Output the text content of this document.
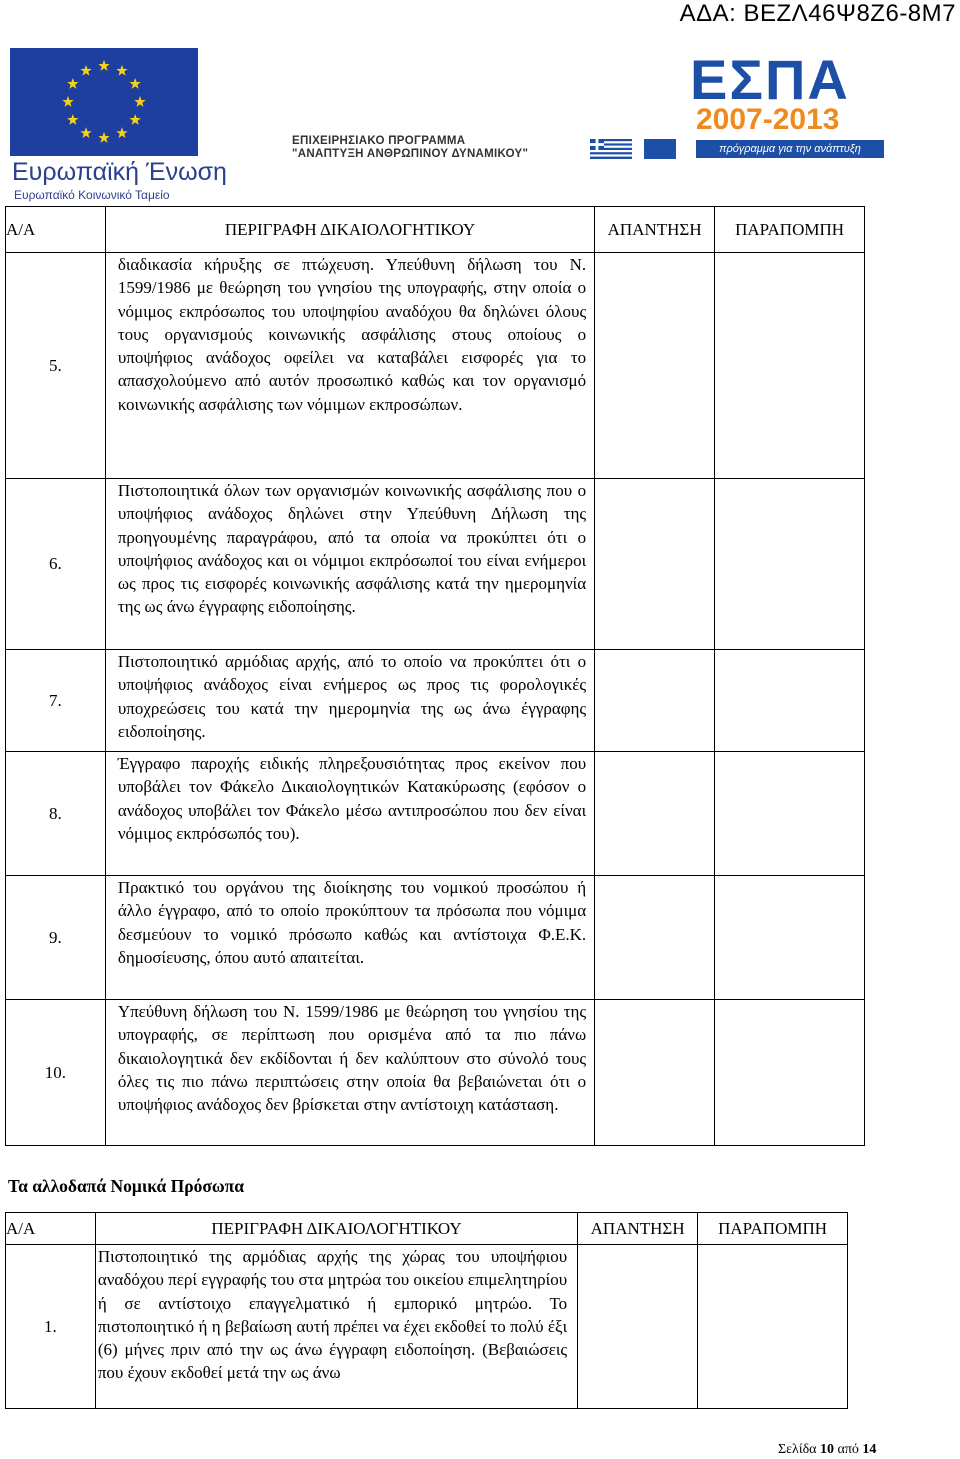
ΑΔΑ: ΒΕΖΛ46Ψ8Ζ6-8Μ7
Ευρωπαϊκή Ένωση
Ευρωπαϊκό Κοινωνικό Ταμείο
ΕΠΙΧΕΙΡΗΣΙΑΚΟ ΠΡΟΓΡΑΜΜΑ
"ΑΝΑΠΤΥΞΗ ΑΝΘΡΩΠΙΝΟΥ ΔΥΝΑΜΙΚΟΥ"
ΕΣΠΑ
2007-2013
πρόγραμμα για την ανάπτυξη
Α/Α	ΠΕΡΙΓΡΑΦΗ ΔΙΚΑΙΟΛΟΓΗΤΙΚΟΥ	ΑΠΑΝΤΗΣΗ	ΠΑΡΑΠΟΜΠΗ
5.	διαδικασία κήρυξης σε πτώχευση. Υπεύθυνη δήλωση του Ν. 1599/1986 με θεώρηση του γνησίου της υπογραφής, στην οποία ο νόμιμος εκπρόσωπος του υποψηφίου αναδόχου θα δηλώνει όλους τους οργανισμούς κοινωνικής ασφάλισης στους οποίους ο υποψήφιος ανάδοχος οφείλει να καταβάλει εισφορές για το απασχολούμενο από αυτόν προσωπικό καθώς και τον οργανισμό κοινωνικής ασφάλισης των νόμιμων εκπροσώπων.		
6.	Πιστοποιητικά όλων των οργανισμών κοινωνικής ασφάλισης που ο υποψήφιος ανάδοχος δηλώνει στην Υπεύθυνη Δήλωση της προηγουμένης παραγράφου, από τα οποία να προκύπτει ότι ο υποψήφιος ανάδοχος και οι νόμιμοι εκπρόσωποί του είναι ενήμεροι ως προς τις εισφορές κοινωνικής ασφάλισης κατά την ημερομηνία της ως άνω έγγραφης ειδοποίησης.		
7.	Πιστοποιητικό αρμόδιας αρχής, από το οποίο να προκύπτει ότι ο υποψήφιος ανάδοχος είναι ενήμερος ως προς τις φορολογικές υποχρεώσεις του κατά την ημερομηνία της ως άνω έγγραφης ειδοποίησης.		
8.	Έγγραφο παροχής ειδικής πληρεξουσιότητας προς εκείνον που υποβάλει τον Φάκελο Δικαιολογητικών Κατακύρωσης (εφόσον ο ανάδοχος υποβάλει τον Φάκελο μέσω αντιπροσώπου που δεν είναι νόμιμος εκπρόσωπός του).		
9.	Πρακτικό του οργάνου της διοίκησης του νομικού προσώπου ή άλλο έγγραφο, από το οποίο προκύπτουν τα πρόσωπα που νόμιμα δεσμεύουν το νομικό πρόσωπο καθώς και αντίστοιχα Φ.Ε.Κ. δημοσίευσης, όπου αυτό απαιτείται.		
10.	Υπεύθυνη δήλωση του Ν. 1599/1986 με θεώρηση του γνησίου της υπογραφής, σε περίπτωση που ορισμένα από τα πιο πάνω δικαιολογητικά δεν εκδίδονται ή δεν καλύπτουν στο σύνολό τους όλες τις πιο πάνω περιπτώσεις στην οποία θα βεβαιώνεται ότι ο υποψήφιος ανάδοχος δεν βρίσκεται στην αντίστοιχη κατάσταση.		
Τα αλλοδαπά Νομικά Πρόσωπα
Α/Α	ΠΕΡΙΓΡΑΦΗ ΔΙΚΑΙΟΛΟΓΗΤΙΚΟΥ	ΑΠΑΝΤΗΣΗ	ΠΑΡΑΠΟΜΠΗ
1.	Πιστοποιητικό της αρμόδιας αρχής της χώρας του υποψήφιου αναδόχου περί εγγραφής του στα μητρώα του οικείου επιμελητηρίου ή σε αντίστοιχο επαγγελματικό ή εμπορικό μητρώο. Το πιστοποιητικό ή η βεβαίωση αυτή πρέπει να έχει εκδοθεί το πολύ έξι (6) μήνες πριν από την ως άνω έγγραφη ειδοποίηση. (Βεβαιώσεις που έχουν εκδοθεί μετά την ως άνω		
Σελίδα 10 από 14
